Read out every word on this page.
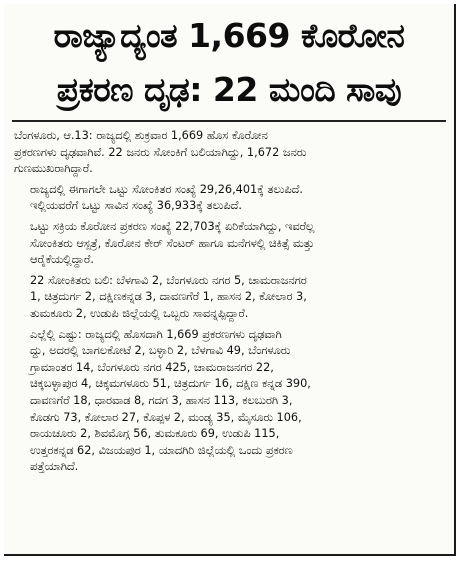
ರಾಜ್ಯಾದ್ಯಂತ 1,669 ಕೊರೋನ
ಪ್ರಕರಣ ದೃಢ: 22 ಮಂದಿ ಸಾವು

ಬೆಂಗಳೂರು, ಆ.13: ರಾಜ್ಯದಲ್ಲಿ ಶುಕ್ರವಾರ 1,669 ಹೊಸ ಕೊರೋನ
ಪ್ರಕರಣಗಳು ದೃಢವಾಗಿವೆ. 22 ಜನರು ಸೋಂಕಿಗೆ ಬಲಿಯಾಗಿದ್ದು, 1,672 ಜನರು
ಗುಣಮುಖರಾಗಿದ್ದಾರೆ.

ರಾಜ್ಯದಲ್ಲಿ ಈಗಾಗಲೇ ಒಟ್ಟು ಸೋಂಕಿತರ ಸಂಖ್ಯೆ 29,26,401ಕ್ಕೆ ತಲುಪಿದೆ.
ಇಲ್ಲಿಯವರೆಗೆ ಒಟ್ಟು ಸಾವಿನ ಸಂಖ್ಯೆ 36,933ಕ್ಕೆ ತಲುಪಿದೆ.

ಒಟ್ಟು ಸಕ್ರಿಯ ಕೊರೋನ ಪ್ರಕರಣ ಸಂಖ್ಯೆ 22,703ಕ್ಕೆ ಏರಿಕೆಯಾಗಿದ್ದು, ಇವರೆಲ್ಲ
ಸೋಂಕಿತರು ಆಸ್ಪತ್ರೆ, ಕೊರೋನ ಕೇರ್ ಸೆಂಟರ್ ಹಾಗೂ ಮನೆಗಳಲ್ಲಿ ಚಿಕಿತ್ಸೆ ಮತ್ತು
ಆರೈಕೆಯಲ್ಲಿದ್ದಾರೆ.

22 ಸೋಂಕಿತರು ಬಲಿ: ಬೆಳಗಾವಿ 2, ಬೆಂಗಳೂರು ನಗರ 5, ಚಾಮರಾಜನಗರ
1, ಚಿತ್ರದುರ್ಗ 2, ದಕ್ಷಿಣಕನ್ನಡ 3, ದಾವಣಗೆರೆ 1, ಹಾಸನ 2, ಕೋಲಾರ 3,
ತುಮಕೂರು 2, ಉಡುಪಿ ಜಿಲ್ಲೆಯಲ್ಲಿ ಒಬ್ಬರು ಸಾವನ್ನಪ್ಪಿದ್ದಾರೆ.

ಎಲ್ಲೆಲ್ಲಿ ಎಷ್ಟು: ರಾಜ್ಯದಲ್ಲಿ ಹೊಸದಾಗಿ 1,669 ಪ್ರಕರಣಗಳು ದೃಢವಾಗಿ
ದ್ದು, ಅದರಲ್ಲಿ ಬಾಗಲಕೋಟೆ 2, ಬಳ್ಳಾರಿ 2, ಬೆಳಗಾವಿ 49, ಬೆಂಗಳೂರು
ಗ್ರಾಮಾಂತರ 14, ಬೆಂಗಳೂರು ನಗರ 425, ಚಾಮರಾಜನಗರ 22,
ಚಿಕ್ಕಬಳ್ಳಾಪುರ 4, ಚಿಕ್ಕಮಗಳೂರು 51, ಚಿತ್ರದುರ್ಗ 16, ದಕ್ಷಿಣ ಕನ್ನಡ 390,
ದಾವಣಗೆರೆ 18, ಧಾರವಾಡ 8, ಗದಗ 3, ಹಾಸನ 113, ಕಲಬುರಗಿ 3,
ಕೊಡಗು 73, ಕೋಲಾರ 27, ಕೊಪ್ಪಳ 2, ಮಂಡ್ಯ 35, ಮೈಸೂರು 106,
ರಾಯಚೂರು 2, ಶಿವಮೊಗ್ಗ 56, ತುಮಕೂರು 69, ಉಡುಪಿ 115,
ಉತ್ತರಕನ್ನಡ 62, ವಿಜಯಪುರ 1, ಯಾದಗಿರಿ ಜಿಲ್ಲೆಯಲ್ಲಿ ಒಂದು ಪ್ರಕರಣ
ಪತ್ತೆಯಾಗಿದೆ.
